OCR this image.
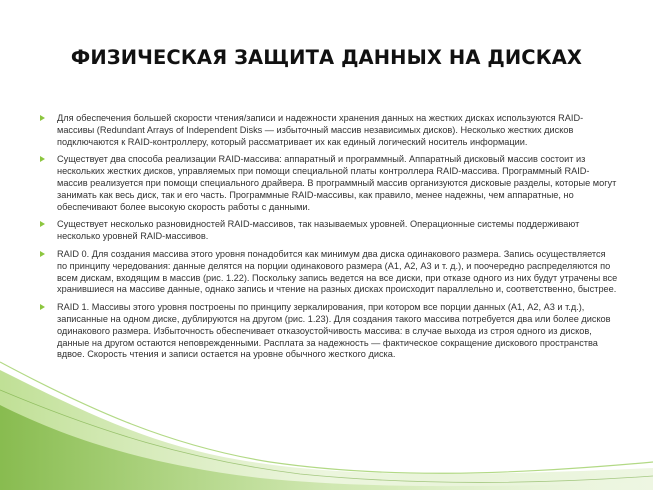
ФИЗИЧЕСКАЯ ЗАЩИТА ДАННЫХ НА ДИСКАХ
Для обеспечения большей скорости чтения/записи и надежности хранения данных на жестких дисках используются RAID-массивы (Redundant Arrays of Independent Disks — избыточный массив независимых дисков). Несколько жестких дисков подключаются к RAID-контроллеру, который рассматривает их как единый логический носитель информации.
Существует два способа реализации RAID-массива: аппаратный и программный. Аппаратный дисковый массив состоит из нескольких жестких дисков, управляемых при помощи специальной платы контроллера RAID-массива. Программный RAID-массив реализуется при помощи специального драйвера. В программный массив организуются дисковые разделы, которые могут занимать как весь диск, так и его часть. Программные RAID-массивы, как правило, менее надежны, чем аппаратные, но обеспечивают более высокую скорость работы с данными.
Существует несколько разновидностей RAID-массивов, так называемых уровней. Операционные системы поддерживают несколько уровней RAID-массивов.
RAID 0. Для создания массива этого уровня понадобится как минимум два диска одинакового размера. Запись осуществляется по принципу чередования: данные делятся на порции одинакового размера (А1, А2, А3 и т. д.), и поочередно распределяются по всем дискам, входящим в массив (рис. 1.22). Поскольку запись ведется на все диски, при отказе одного из них будут утрачены все хранившиеся на массиве данные, однако запись и чтение на разных дисках происходит параллельно и, соответственно, быстрее.
RAID 1. Массивы этого уровня построены по принципу зеркалирования, при котором все порции данных (А1, А2, А3 и т.д.), записанные на одном диске, дублируются на другом (рис. 1.23). Для создания такого массива потребуется два или более дисков одинакового размера. Избыточность обеспечивает отказоустойчивость массива: в случае выхода из строя одного из дисков, данные на другом остаются неповрежденными. Расплата за надежность — фактическое сокращение дискового пространства вдвое. Скорость чтения и записи остается на уровне обычного жесткого диска.
